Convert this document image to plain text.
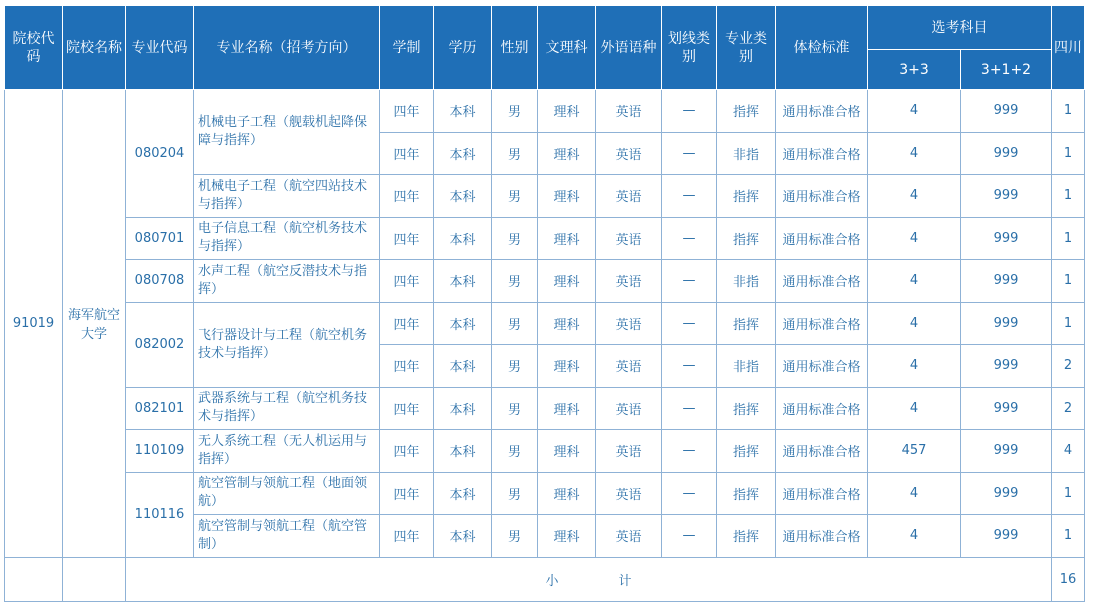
院校代码	院校名称	专业代码	专业名称（招考方向）	学制	学历	性别	文理科	外语语种	划线类别	专业类别	体检标准	选考科目		四川
												3+3	3+1+2	
91019	海军航空大学	080204	机械电子工程（舰载机起降保障与指挥）	四年	本科	男	理科	英语	—	指挥	通用标准合格	4	999	1
				四年	本科	男	理科	英语	—	非指	通用标准合格	4	999	1
			机械电子工程（航空四站技术与指挥）	四年	本科	男	理科	英语	—	指挥	通用标准合格	4	999	1
		080701	电子信息工程（航空机务技术与指挥）	四年	本科	男	理科	英语	—	指挥	通用标准合格	4	999	1
		080708	水声工程（航空反潜技术与指挥）	四年	本科	男	理科	英语	—	非指	通用标准合格	4	999	1
		082002	飞行器设计与工程（航空机务技术与指挥）	四年	本科	男	理科	英语	—	指挥	通用标准合格	4	999	1
				四年	本科	男	理科	英语	—	非指	通用标准合格	4	999	2
		082101	武器系统与工程（航空机务技术与指挥）	四年	本科	男	理科	英语	—	指挥	通用标准合格	4	999	2
		110109	无人系统工程（无人机运用与指挥）	四年	本科	男	理科	英语	—	指挥	通用标准合格	457	999	4
		110116	航空管制与领航工程（地面领航）	四年	本科	男	理科	英语	—	指挥	通用标准合格	4	999	1
			航空管制与领航工程（航空管制）	四年	本科	男	理科	英语	—	指挥	通用标准合格	4	999	1
		小 计												16
